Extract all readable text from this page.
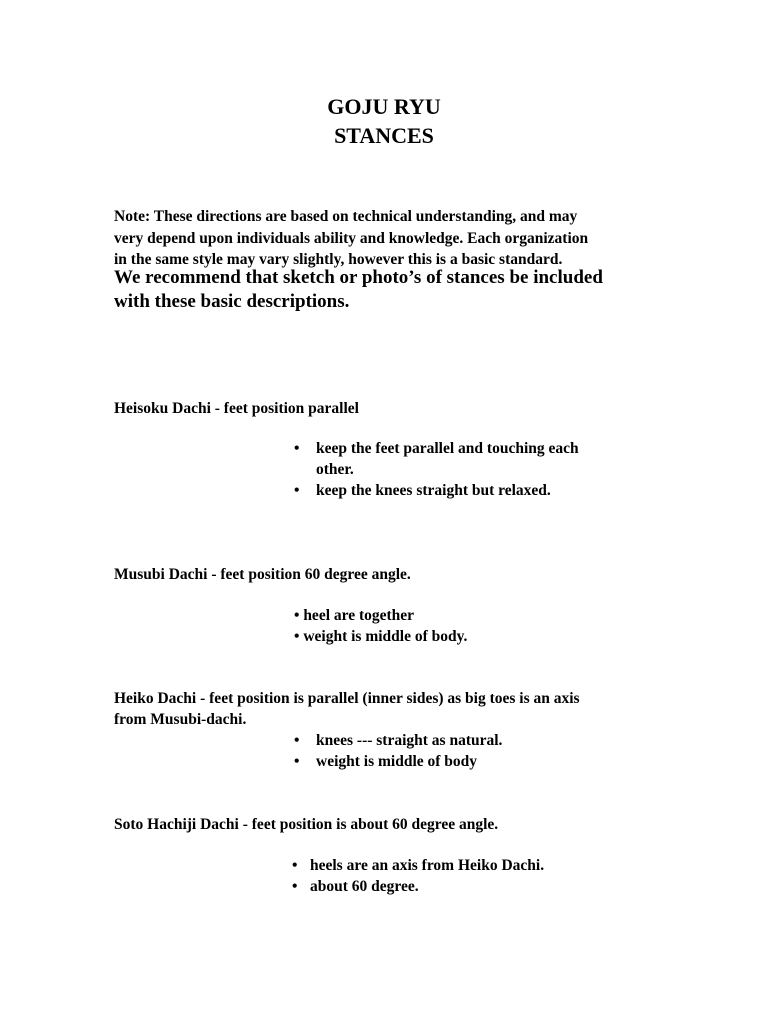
GOJU RYU
STANCES
Note: These directions are based on technical understanding, and may
very depend upon individuals ability and knowledge. Each organization
in the same style may vary slightly, however this is a basic standard.
We recommend that sketch or photo’s of stances be included
with these basic descriptions.
Heisoku Dachi - feet position parallel
• keep the feet parallel and touching each
other.
• keep the knees straight but relaxed.
Musubi Dachi - feet position 60 degree angle.
• heel are together
• weight is middle of body.
Heiko Dachi - feet position is parallel (inner sides) as big toes is an axis
from Musubi-dachi.
• knees --- straight as natural.
• weight is middle of body
Soto Hachiji Dachi - feet position is about 60 degree angle.
• heels are an axis from Heiko Dachi.
• about 60 degree.
